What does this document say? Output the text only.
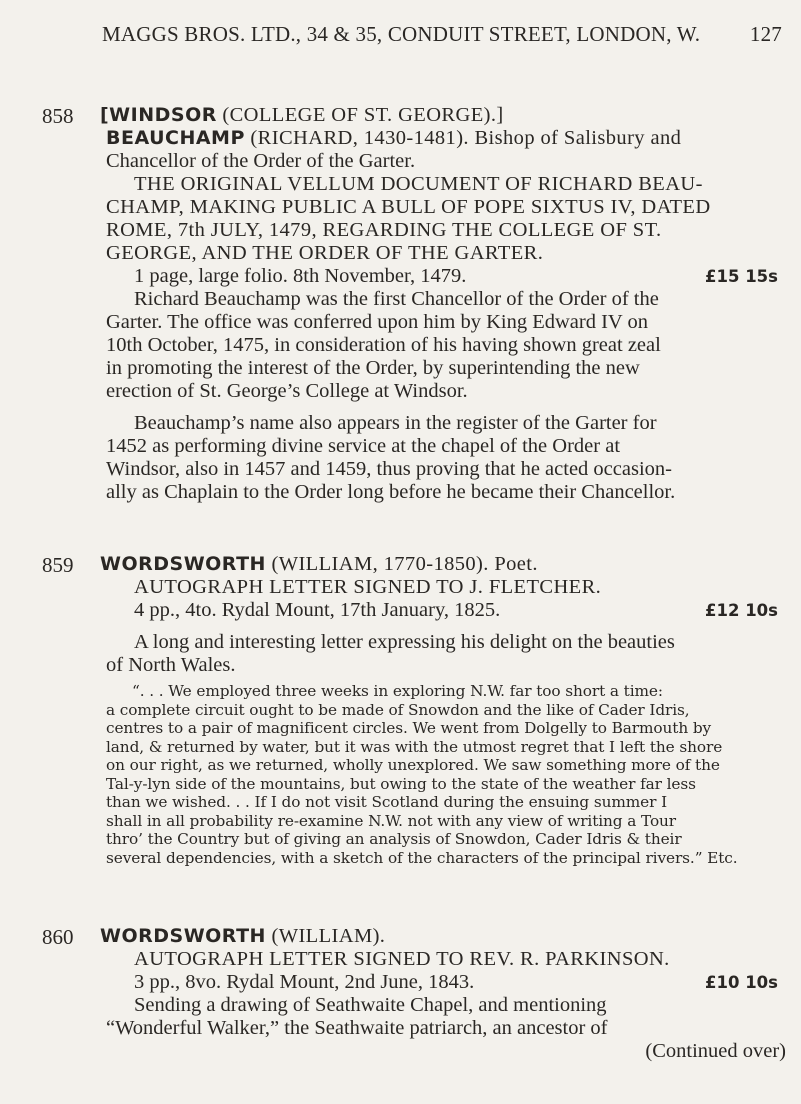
MAGGS BROS. LTD., 34 & 35, CONDUIT STREET, LONDON, W. 127
858 [WINDSOR (COLLEGE OF ST. GEORGE).]
BEAUCHAMP (RICHARD, 1430-1481). Bishop of Salisbury and
Chancellor of the Order of the Garter.
THE ORIGINAL VELLUM DOCUMENT OF RICHARD BEAU-
CHAMP, MAKING PUBLIC A BULL OF POPE SIXTUS IV, DATED
ROME, 7th JULY, 1479, REGARDING THE COLLEGE OF ST.
GEORGE, AND THE ORDER OF THE GARTER.
1 page, large folio. 8th November, 1479.	£15 15s
Richard Beauchamp was the first Chancellor of the Order of the
Garter. The office was conferred upon him by King Edward IV on
10th October, 1475, in consideration of his having shown great zeal
in promoting the interest of the Order, by superintending the new
erection of St. George’s College at Windsor.
Beauchamp’s name also appears in the register of the Garter for
1452 as performing divine service at the chapel of the Order at
Windsor, also in 1457 and 1459, thus proving that he acted occasion-
ally as Chaplain to the Order long before he became their Chancellor.
859 WORDSWORTH (WILLIAM, 1770-1850). Poet.
AUTOGRAPH LETTER SIGNED TO J. FLETCHER.
4 pp., 4to. Rydal Mount, 17th January, 1825.	£12 10s
A long and interesting letter expressing his delight on the beauties
of North Wales.
“. . . We employed three weeks in exploring N.W. far too short a time:
a complete circuit ought to be made of Snowdon and the like of Cader Idris,
centres to a pair of magnificent circles. We went from Dolgelly to Barmouth by
land, & returned by water, but it was with the utmost regret that I left the shore
on our right, as we returned, wholly unexplored. We saw something more of the
Tal-y-lyn side of the mountains, but owing to the state of the weather far less
than we wished. . . If I do not visit Scotland during the ensuing summer I
shall in all probability re-examine N.W. not with any view of writing a Tour
thro’ the Country but of giving an analysis of Snowdon, Cader Idris & their
several dependencies, with a sketch of the characters of the principal rivers.” Etc.
860 WORDSWORTH (WILLIAM).
AUTOGRAPH LETTER SIGNED TO REV. R. PARKINSON.
3 pp., 8vo. Rydal Mount, 2nd June, 1843.	£10 10s
Sending a drawing of Seathwaite Chapel, and mentioning
“Wonderful Walker,” the Seathwaite patriarch, an ancestor of
(Continued over)
